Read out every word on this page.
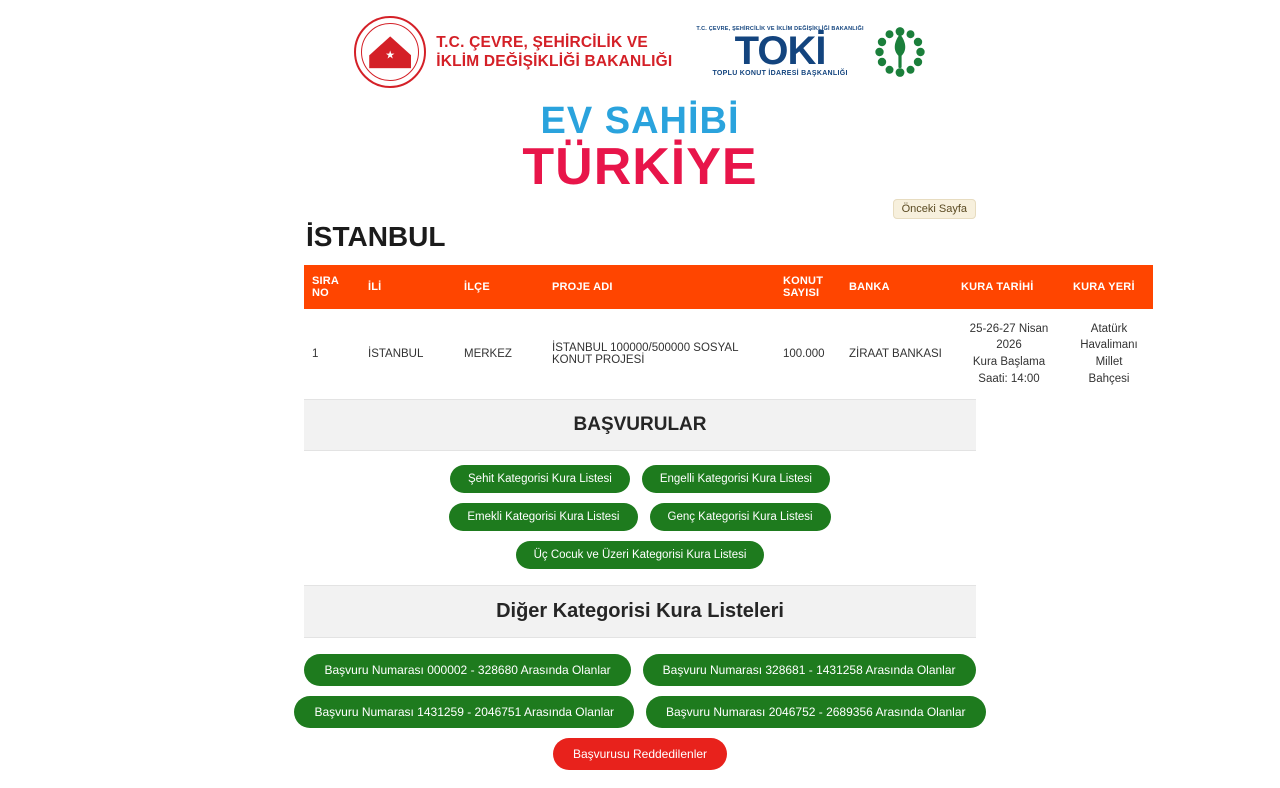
★
T.C. ÇEVRE, ŞEHİRCİLİK VE
İKLİM DEĞİŞİKLİĞİ BAKANLIĞI
T.C. ÇEVRE, ŞEHİRCİLİK VE İKLİM DEĞİŞİKLİĞİ BAKANLIĞI
TOKİ
TOPLU KONUT İDARESİ BAŞKANLIĞI
EV SAHİBİ
TÜRKİYE
Önceki Sayfa
İSTANBUL
SIRA NO	İLİ	İLÇE	PROJE ADI	KONUT SAYISI	BANKA	KURA TARİHİ	KURA YERİ
1	İSTANBUL	MERKEZ	İSTANBUL 100000/500000 SOSYAL KONUT PROJESİ	100.000	ZİRAAT BANKASI	25-26-27 Nisan
2026
Kura Başlama
Saati: 14:00	Atatürk
Havalimanı Millet
Bahçesi
BAŞVURULAR
Şehit Kategorisi Kura Listesi	Engelli Kategorisi Kura Listesi
Emekli Kategorisi Kura Listesi	Genç Kategorisi Kura Listesi
Üç Cocuk ve Üzeri Kategorisi Kura Listesi
Diğer Kategorisi Kura Listeleri
Başvuru Numarası 000002 - 328680 Arasında Olanlar	Başvuru Numarası 328681 - 1431258 Arasında Olanlar
Başvuru Numarası 1431259 - 2046751 Arasında Olanlar	Başvuru Numarası 2046752 - 2689356 Arasında Olanlar
Başvurusu Reddedilenler
